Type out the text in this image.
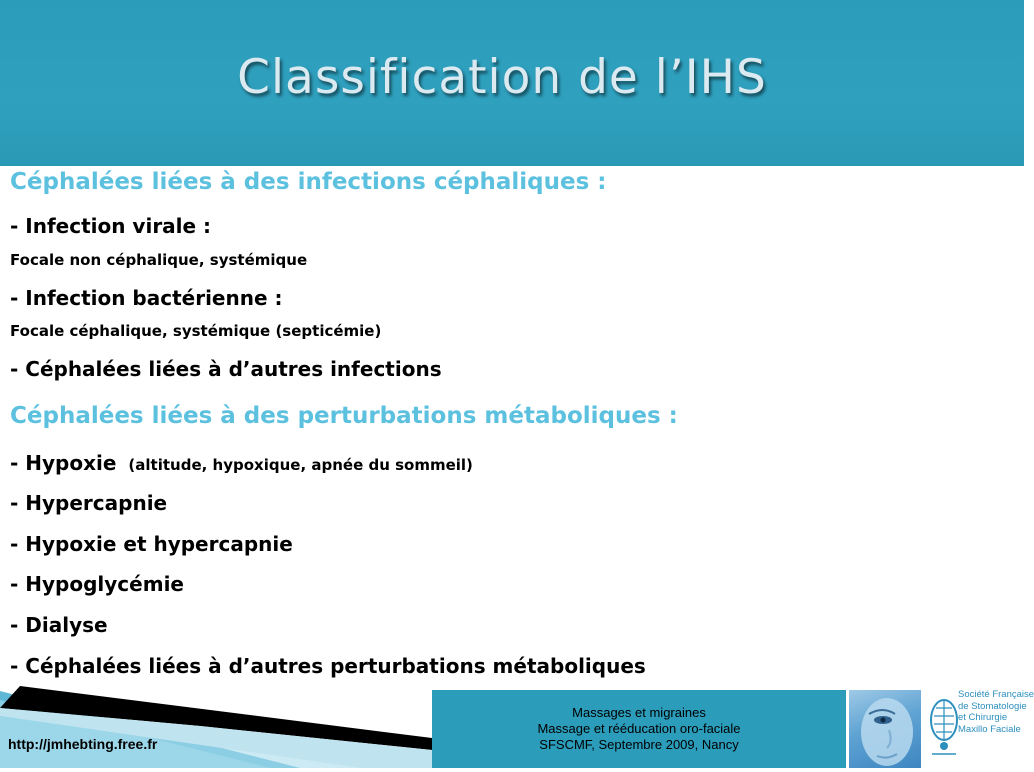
Classification de l’IHS
Céphalées liées à des infections céphaliques :
- Infection virale :
Focale non céphalique, systémique
- Infection bactérienne :
Focale céphalique, systémique (septicémie)
- Céphalées liées à d’autres infections
Céphalées liées à des perturbations métaboliques :
- Hypoxie (altitude, hypoxique, apnée du sommeil)
- Hypercapnie
- Hypoxie et hypercapnie
- Hypoglycémie
- Dialyse
- Céphalées liées à d’autres perturbations métaboliques
http://jmhebting.free.fr
Massages et migraines
Massage et rééducation oro-faciale
SFSCMF, Septembre 2009, Nancy
Société Française
de Stomatologie
et Chirurgie
Maxillo Faciale
